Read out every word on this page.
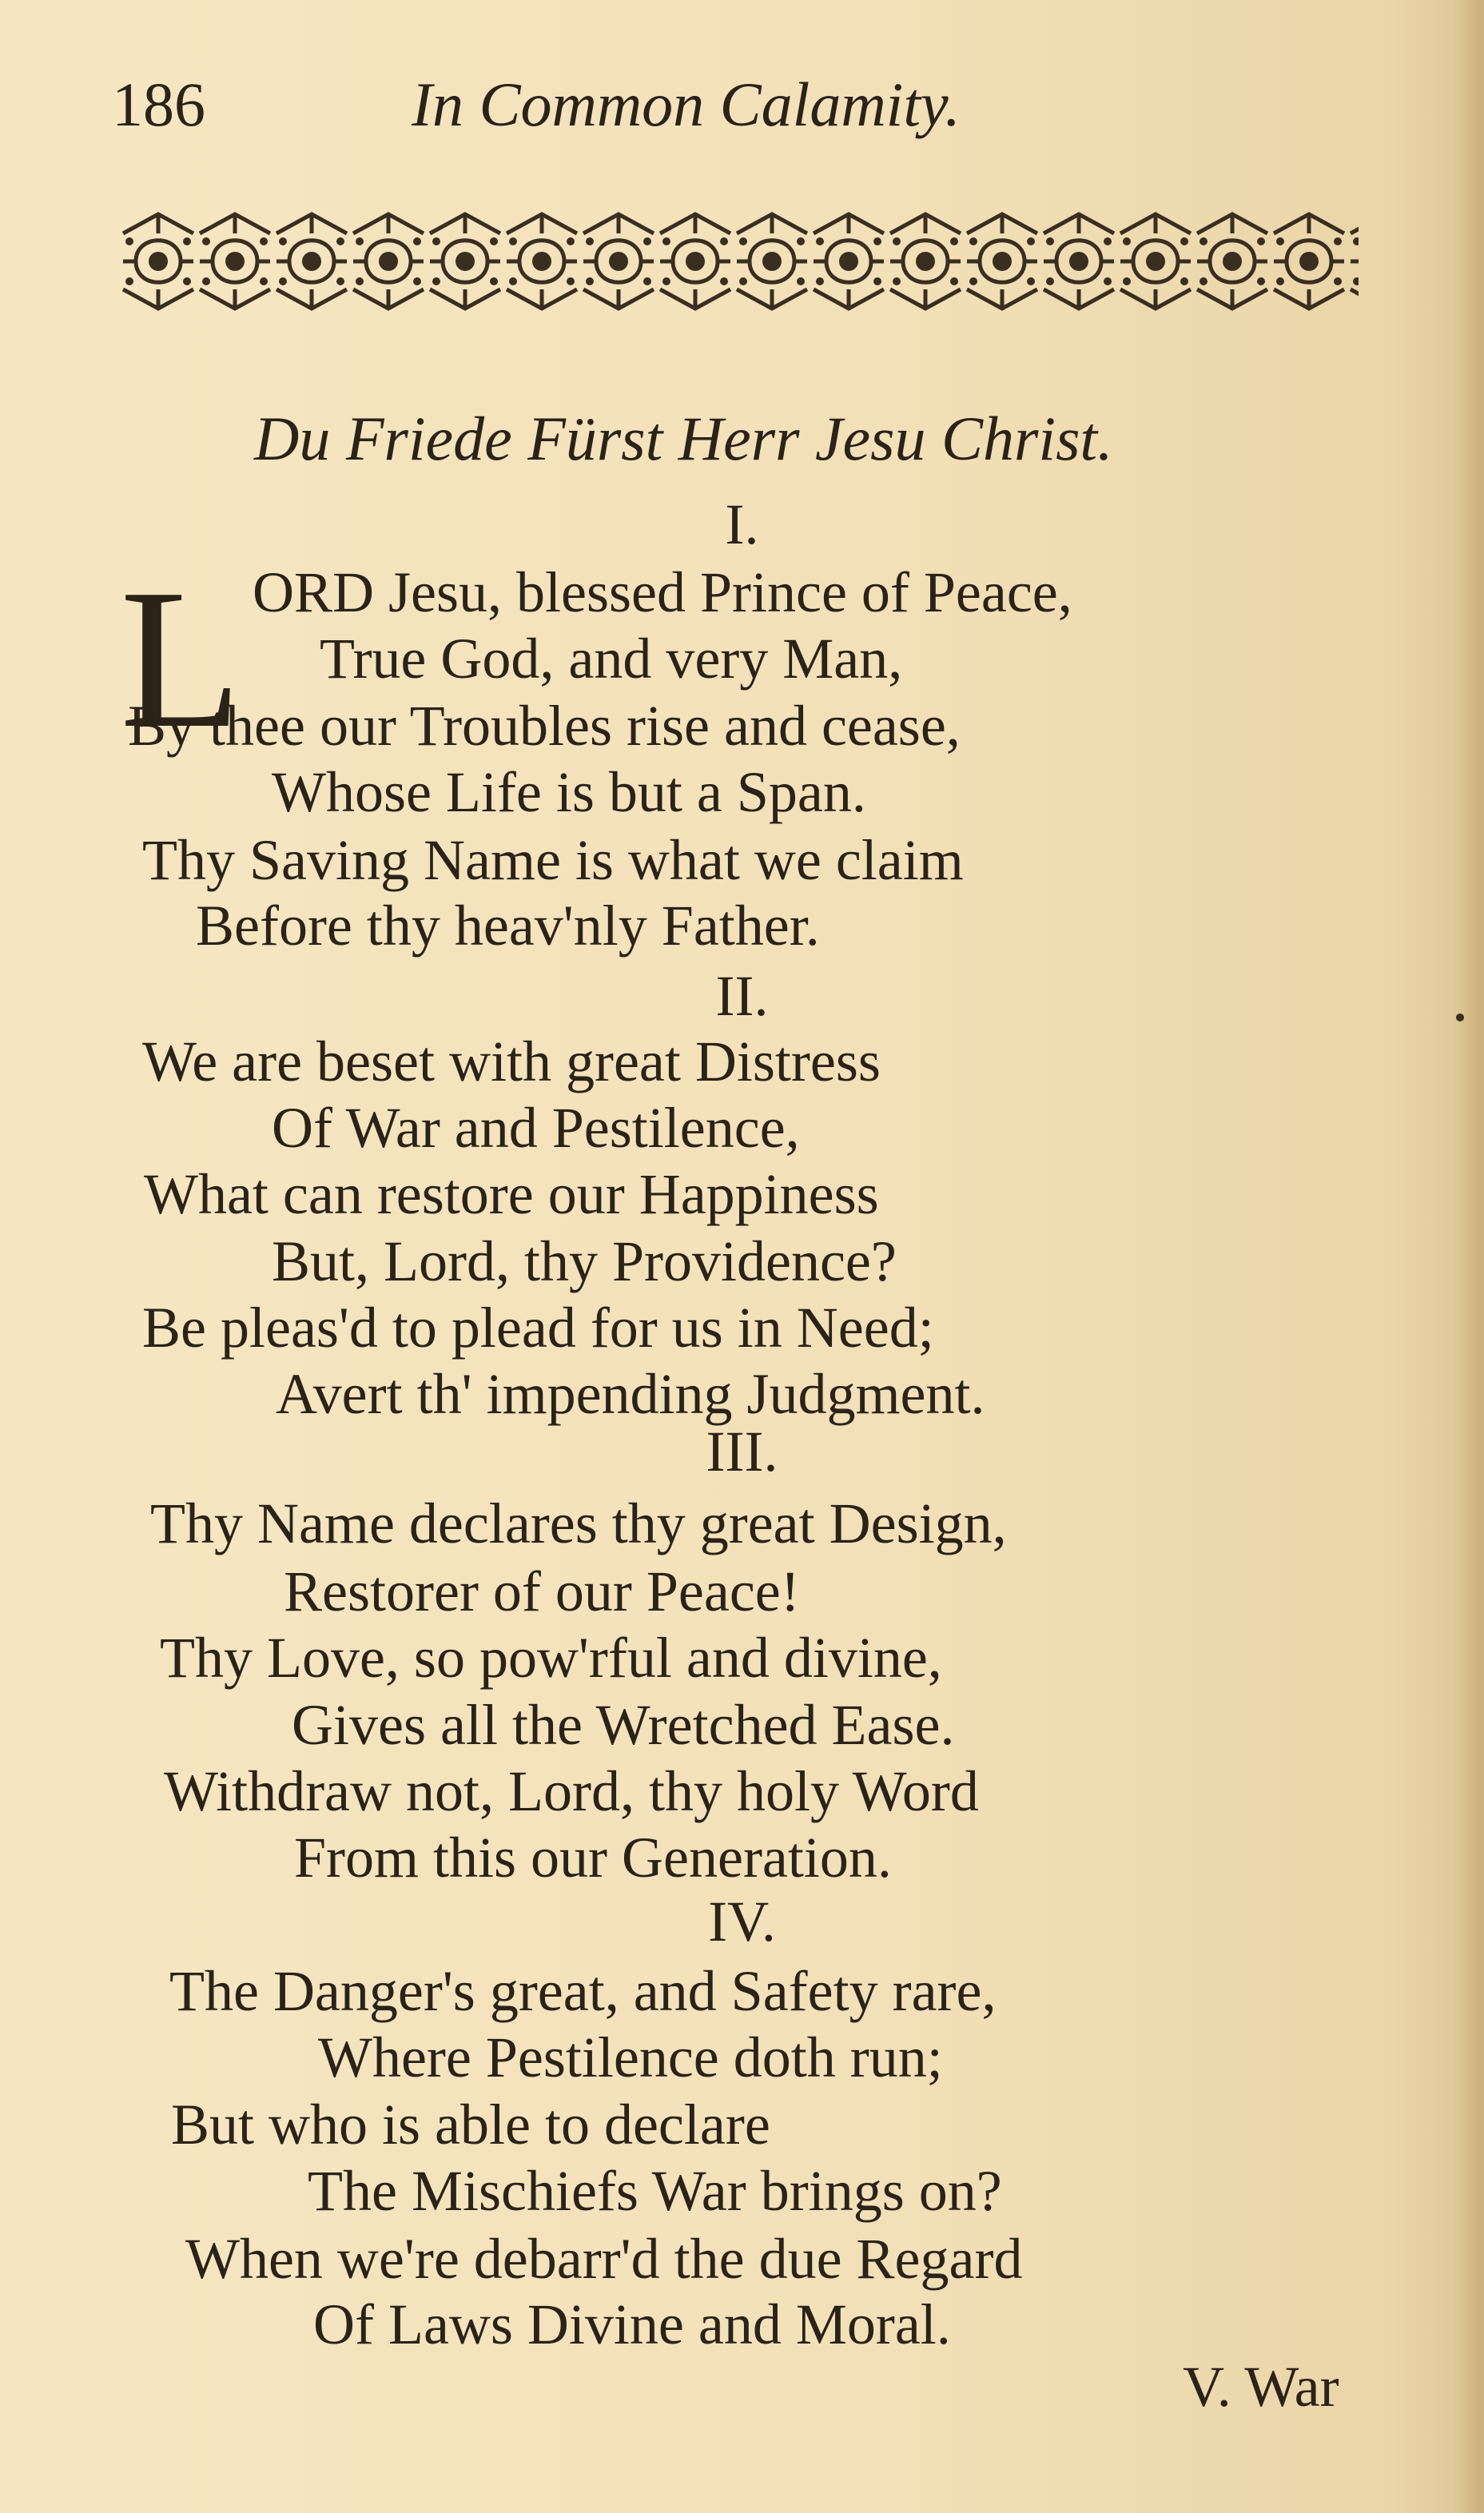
186	In Common Calamity.
Du Friede Fürst Herr Jesu Christ.
I.
L ORD Jesu, blessed Prince of Peace,
True God, and very Man,
By thee our Troubles rise and cease,
Whose Life is but a Span.
Thy Saving Name is what we claim
Before thy heav'nly Father.
II.
We are beset with great Distress
Of War and Pestilence,
What can restore our Happiness
But, Lord, thy Providence?
Be pleas'd to plead for us in Need;
Avert th' impending Judgment.
III.
Thy Name declares thy great Design,
Restorer of our Peace!
Thy Love, so pow'rful and divine,
Gives all the Wretched Ease.
Withdraw not, Lord, thy holy Word
From this our Generation.
IV.
The Danger's great, and Safety rare,
Where Pestilence doth run;
But who is able to declare
The Mischiefs War brings on?
When we're debarr'd the due Regard
Of Laws Divine and Moral.
V. War
